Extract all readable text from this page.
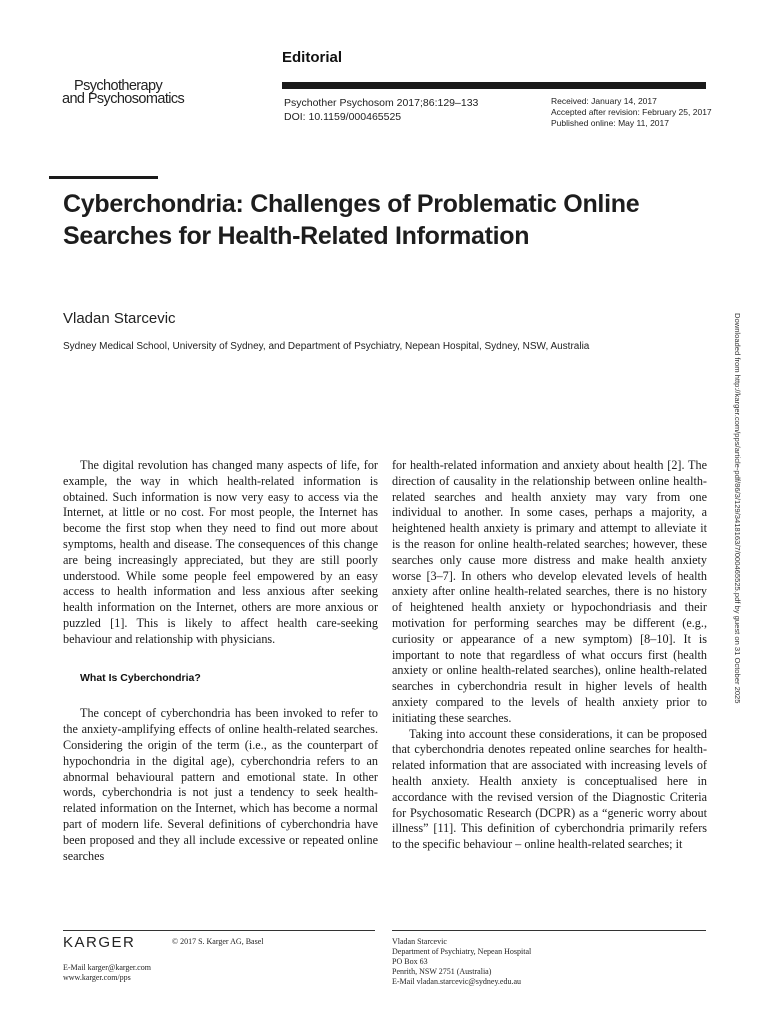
Editorial
Psychotherapy
and Psychosomatics	Psychother Psychosom 2017;86:129–133
DOI: 10.1159/000465525
Received: January 14, 2017
Accepted after revision: February 25, 2017
Published online: May 11, 2017
Cyberchondria: Challenges of Problematic Online Searches for Health-Related Information
Vladan Starcevic
Sydney Medical School, University of Sydney, and Department of Psychiatry, Nepean Hospital, Sydney, NSW, Australia	Downloaded from http://karger.com/pps/article-pdf/86/3/129/3418163/7/000465525.pdf by guest on 31 October 2025

The digital revolution has changed many aspects of life, for example, the way in which health-related information is obtained. Such information is now very easy to access via the Internet, at little or no cost. For most people, the Internet has become the first stop when they need to find out more about symptoms, health and disease. The consequences of this change are being increasingly appreciated, but they are still poorly understood. While some people feel empowered by an easy access to health information and less anxious after seeking health information on the Internet, others are more anxious or puzzled [1]. This is likely to affect health care-seeking behaviour and relationship with physicians.

What Is Cyberchondria?

The concept of cyberchondria has been invoked to refer to the anxiety-amplifying effects of online health-related searches. Considering the origin of the term (i.e., as the counterpart of hypochondria in the digital age), cyberchondria refers to an abnormal behavioural pattern and emotional state. In other words, cyberchondria is not just a tendency to seek health-related information on the Internet, which has become a normal part of modern life. Several definitions of cyberchondria have been proposed and they all include excessive or repeated online searches

for health-related information and anxiety about health [2]. The direction of causality in the relationship between online health-related searches and health anxiety may vary from one individual to another. In some cases, perhaps a majority, a heightened health anxiety is primary and attempt to alleviate it is the reason for online health-related searches; however, these searches only cause more distress and make health anxiety worse [3–7]. In others who develop elevated levels of health anxiety after online health-related searches, there is no history of heightened health anxiety or hypochondriasis and their motivation for performing searches may be different (e.g., curiosity or appearance of a new symptom) [8–10]. It is important to note that regardless of what occurs first (health anxiety or online health-related searches), online health-related searches in cyberchondria result in higher levels of health anxiety compared to the levels of health anxiety prior to initiating these searches.

Taking into account these considerations, it can be proposed that cyberchondria denotes repeated online searches for health-related information that are associated with increasing levels of health anxiety. Health anxiety is conceptualised here in accordance with the revised version of the Diagnostic Criteria for Psychosomatic Research (DCPR) as a “generic worry about illness” [11]. This definition of cyberchondria primarily refers to the specific behaviour – online health-related searches; it

KARGER	© 2017 S. Karger AG, Basel
E-Mail karger@karger.com
www.karger.com/pps
Vladan Starcevic
Department of Psychiatry, Nepean Hospital
PO Box 63
Penrith, NSW 2751 (Australia)
E-Mail vladan.starcevic@sydney.edu.au
